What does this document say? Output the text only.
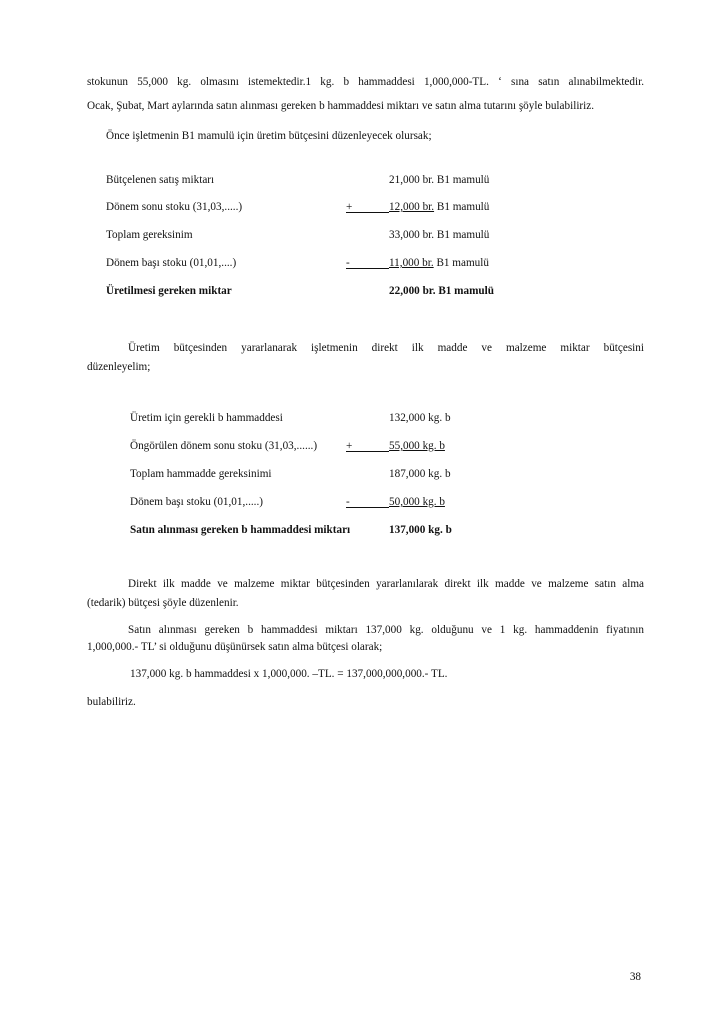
stokunun 55,000 kg. olmasını istemektedir.1 kg. b hammaddesi 1,000,000-TL. ‘ sına satın alınabilmektedir.
Ocak, Şubat, Mart aylarında satın alınması gereken b hammaddesi miktarı ve satın alma tutarını şöyle bulabiliriz.
Önce işletmenin B1 mamulü için üretim bütçesini düzenleyecek olursak;
Bütçelenen satış miktarı	21,000 br. B1 mamulü
Dönem sonu stoku (31,03,.....)	+	12,000 br. B1 mamulü
Toplam gereksinim	33,000 br. B1 mamulü
Dönem başı stoku (01,01,....)	-	11,000 br. B1 mamulü
Üretilmesi gereken miktar	22,000 br. B1 mamulü
Üretim bütçesinden yararlanarak işletmenin direkt ilk madde ve malzeme miktar bütçesini
düzenleyelim;
Üretim için gerekli b hammaddesi	132,000 kg. b
Öngörülen dönem sonu stoku (31,03,......)	+	55,000 kg. b
Toplam hammadde gereksinimi	187,000 kg. b
Dönem başı stoku (01,01,.....)	-	50,000 kg. b
Satın alınması gereken b hammaddesi miktarı	137,000 kg. b
Direkt ilk madde ve malzeme miktar bütçesinden yararlanılarak direkt ilk madde ve malzeme satın alma
(tedarik) bütçesi şöyle düzenlenir.
Satın alınması gereken b hammaddesi miktarı 137,000 kg. olduğunu ve 1 kg. hammaddenin fiyatının
1,000,000.- TL’ si olduğunu düşünürsek satın alma bütçesi olarak;
137,000 kg. b hammaddesi x 1,000,000. –TL. = 137,000,000,000.- TL.
bulabiliriz.
38
